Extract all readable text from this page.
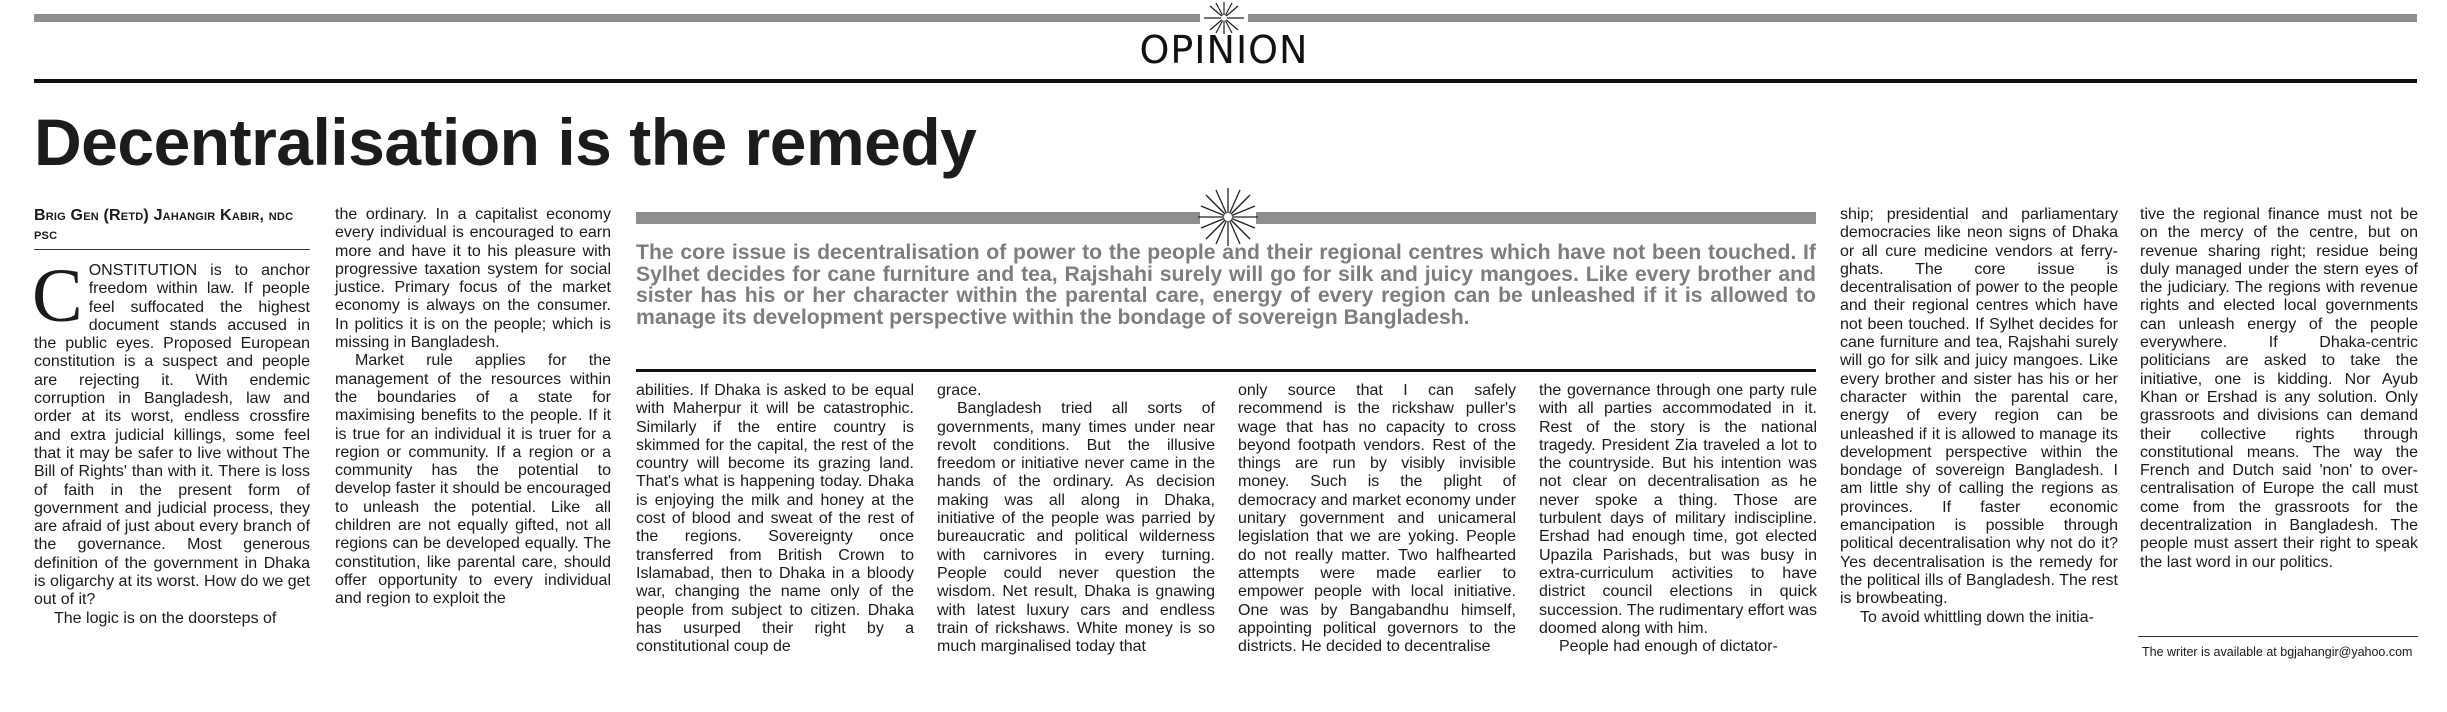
OPINION
Decentralisation is the remedy
Brig Gen (Retd) Jahangir Kabir, ndc psc

CONSTITUTION is to anchor freedom within law. If people feel suffocated the highest document stands accused in the public eyes. Proposed European constitution is a suspect and people are rejecting it. With endemic corruption in Bangladesh, law and order at its worst, endless crossfire and extra judicial killings, some feel that it may be safer to live without The Bill of Rights' than with it. There is loss of faith in the present form of government and judicial process, they are afraid of just about every branch of the governance. Most generous definition of the government in Dhaka is oligarchy at its worst. How do we get out of it?

The logic is on the doorsteps of

the ordinary. In a capitalist economy every individual is encouraged to earn more and have it to his pleasure with progressive taxation system for social justice. Primary focus of the market economy is always on the consumer. In politics it is on the people; which is missing in Bangladesh.

Market rule applies for the management of the resources within the boundaries of a state for maximising benefits to the people. If it is true for an individual it is truer for a region or community. If a region or a community has the potential to develop faster it should be encouraged to unleash the potential. Like all children are not equally gifted, not all regions can be developed equally. The constitution, like parental care, should offer opportunity to every individual and region to exploit the

The core issue is decentralisation of power to the people and their regional centres which have not been touched. If Sylhet decides for cane furniture and tea, Rajshahi surely will go for silk and juicy mangoes. Like every brother and sister has his or her character within the parental care, energy of every region can be unleashed if it is allowed to manage its development perspective within the bondage of sovereign Bangladesh.

abilities. If Dhaka is asked to be equal with Maherpur it will be catastrophic. Similarly if the entire country is skimmed for the capital, the rest of the country will become its grazing land. That's what is happening today. Dhaka is enjoying the milk and honey at the cost of blood and sweat of the rest of the regions. Sovereignty once transferred from British Crown to Islamabad, then to Dhaka in a bloody war, changing the name only of the people from subject to citizen. Dhaka has usurped their right by a constitutional coup de

grace.

Bangladesh tried all sorts of governments, many times under near revolt conditions. But the illusive freedom or initiative never came in the hands of the ordinary. As decision making was all along in Dhaka, initiative of the people was parried by bureaucratic and political wilderness with carnivores in every turning. People could never question the wisdom. Net result, Dhaka is gnawing with latest luxury cars and endless train of rickshaws. White money is so much marginalised today that

only source that I can safely recommend is the rickshaw puller's wage that has no capacity to cross beyond footpath vendors. Rest of the things are run by visibly invisible money. Such is the plight of democracy and market economy under unitary government and unicameral legislation that we are yoking. People do not really matter. Two halfhearted attempts were made earlier to empower people with local initiative. One was by Bangabandhu himself, appointing political governors to the districts. He decided to decentralise

the governance through one party rule with all parties accommodated in it. Rest of the story is the national tragedy. President Zia traveled a lot to the countryside. But his intention was not clear on decentralisation as he never spoke a thing. Those are turbulent days of military indiscipline. Ershad had enough time, got elected Upazila Parishads, but was busy in extra-curriculum activities to have district council elections in quick succession. The rudimentary effort was doomed along with him.

People had enough of dictator-

ship; presidential and parliamentary democracies like neon signs of Dhaka or all cure medicine vendors at ferry-ghats. The core issue is decentralisation of power to the people and their regional centres which have not been touched. If Sylhet decides for cane furniture and tea, Rajshahi surely will go for silk and juicy mangoes. Like every brother and sister has his or her character within the parental care, energy of every region can be unleashed if it is allowed to manage its development perspective within the bondage of sovereign Bangladesh. I am little shy of calling the regions as provinces. If faster economic emancipation is possible through political decentralisation why not do it? Yes decentralisation is the remedy for the political ills of Bangladesh. The rest is browbeating.

To avoid whittling down the initia-

tive the regional finance must not be on the mercy of the centre, but on revenue sharing right; residue being duly managed under the stern eyes of the judiciary. The regions with revenue rights and elected local governments can unleash energy of the people everywhere. If Dhaka-centric politicians are asked to take the initiative, one is kidding. Nor Ayub Khan or Ershad is any solution. Only grassroots and divisions can demand their collective rights through constitutional means. The way the French and Dutch said 'non' to over-centralisation of Europe the call must come from the grassroots for the decentralization in Bangladesh. The people must assert their right to speak the last word in our politics.

The writer is available at bgjahangir@yahoo.com
